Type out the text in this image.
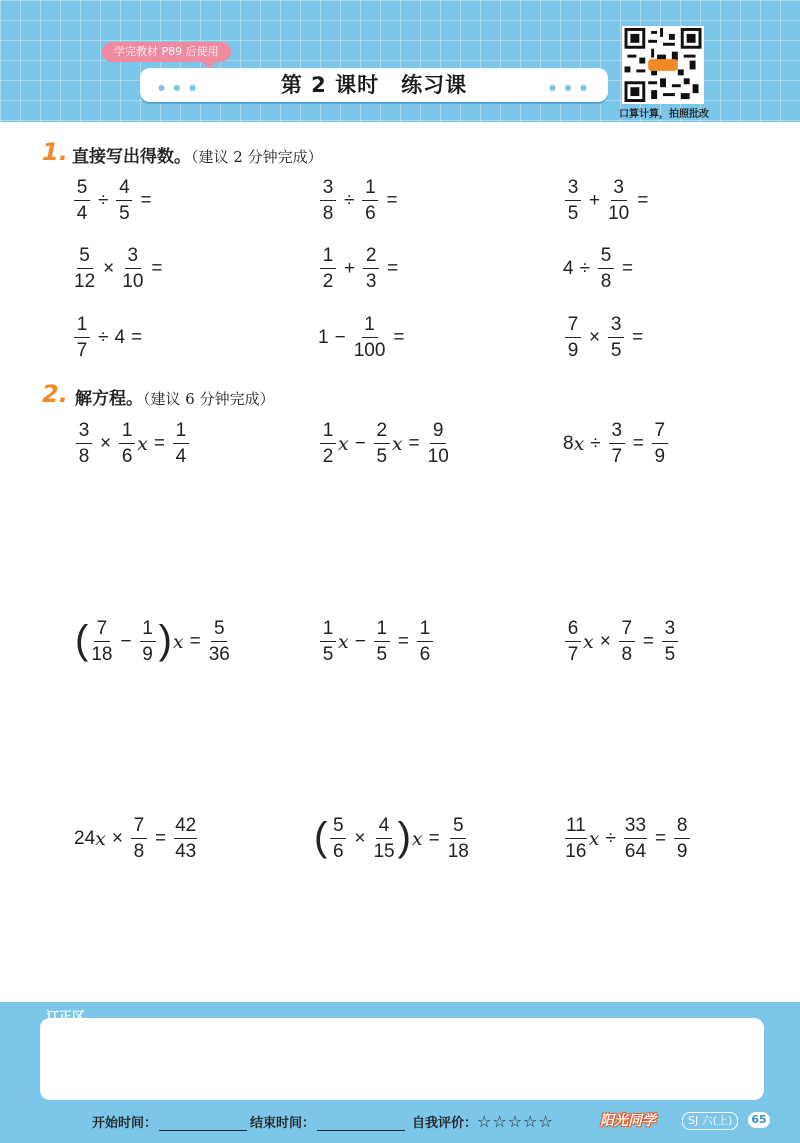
学完教材 P89 后使用
● ● ●	第 2 课时　练习课	● ● ●
口算计算，拍照批改
1. 直接写出得数。（建议 2 分钟完成）
$\frac{5}{4} \div \frac{4}{5}$ =	$\frac{3}{8} \div \frac{1}{6}$ =	$\frac{3}{5} + \frac{3}{10}$ =
$\frac{5}{12} \times \frac{3}{10}$ =	$\frac{1}{2} + \frac{2}{3}$ =	$4 \div \frac{5}{8}$ =
$\frac{1}{7} \div 4$ =	$1 - \frac{1}{100}$ =	$\frac{7}{9} \times \frac{3}{5}$ =
2. 解方程。（建议 6 分钟完成）
$\frac{3}{8} \times \frac{1}{6}$ $x = \frac{1}{4}$	$\frac{1}{2}$ $x - \frac{2}{5}$ $x = \frac{9}{10}$	8 $x \div \frac{3}{7} = \frac{7}{9}$
( $\frac{7}{18} - \frac{1}{9}$ ) $x = \frac{5}{36}$	$\frac{1}{5}$ $x - \frac{1}{5} = \frac{1}{6}$	$\frac{6}{7}$ $x \times \frac{7}{8} = \frac{3}{5}$
24 $x \times \frac{7}{8} = \frac{42}{43}$	( $\frac{5}{6} \times \frac{4}{15}$ ) $x = \frac{5}{18}$	$\frac{11}{16}$ $x \div \frac{33}{64} = \frac{8}{9}$
订正区
开始时间：	结束时间：	自我评价： ☆☆☆☆☆	阳光同学	SJ 六(上)	65
